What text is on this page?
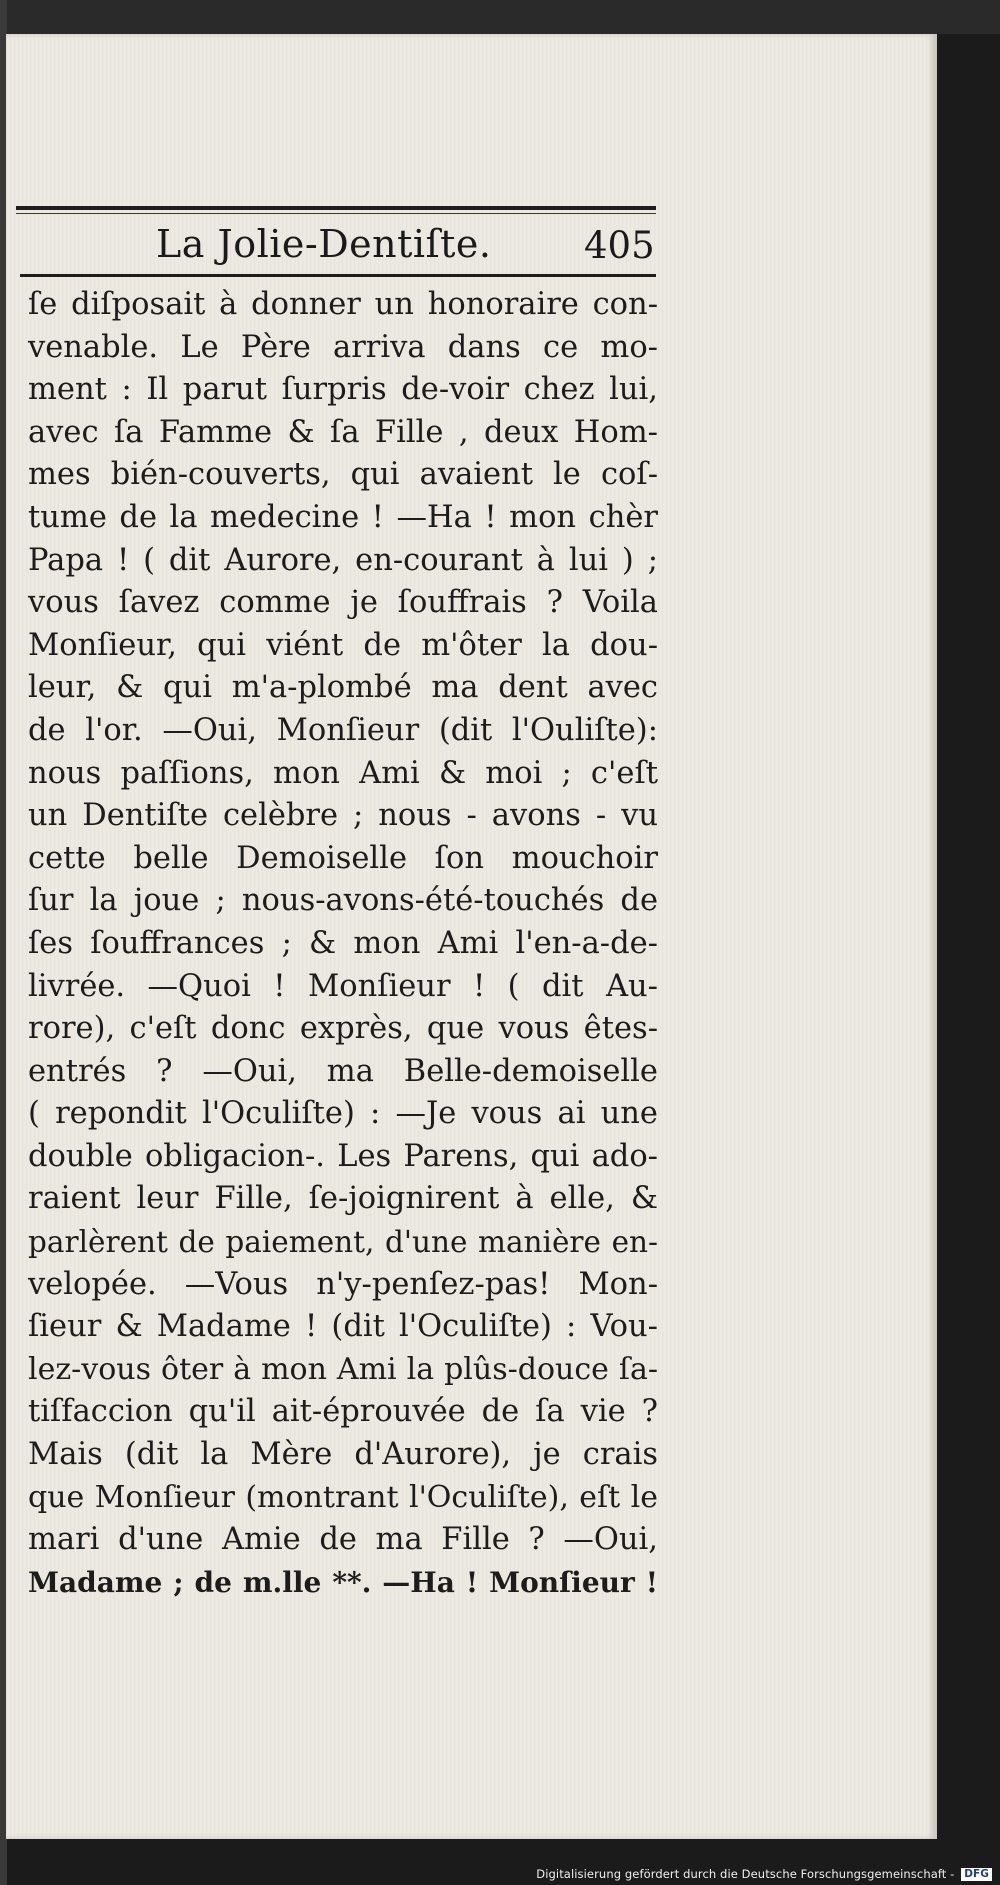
La Jolie-Dentiſte.	405
ſe diſposait à donner un honoraire con-
venable. Le Père arriva dans ce mo-
ment : Il parut ſurpris de-voir chez lui,
avec ſa Famme & ſa Fille , deux Hom-
mes bién-couverts, qui avaient le coſ-
tume de la medecine ! —Ha ! mon chèr
Papa ! ( dit Aurore, en-courant à lui ) ;
vous ſavez comme je ſouffrais ? Voila
Monſieur, qui viént de m'ôter la dou-
leur, & qui m'a-plombé ma dent avec
de l'or. —Oui, Monſieur (dit l'Ouliſte):
nous paſſions, mon Ami & moi ; c'eſt
un Dentiſte celèbre ; nous - avons - vu
cette belle Demoiselle ſon mouchoir
ſur la joue ; nous-avons-été-touchés de
ſes ſouffrances ; & mon Ami l'en-a-de-
livrée. —Quoi ! Monſieur ! ( dit Au-
rore), c'eſt donc exprès, que vous êtes-
entrés ? —Oui, ma Belle-demoiselle
( repondit l'Oculiſte) : —Je vous ai une
double obligacion-. Les Parens, qui ado-
raient leur Fille, ſe-joignirent à elle, &
parlèrent de paiement, d'une manière en-
velopée. —Vous n'y-penſez-pas! Mon-
ſieur & Madame ! (dit l'Oculiſte) : Vou-
lez-vous ôter à mon Ami la plûs-douce ſa-
tiſfaccion qu'il ait-éprouvée de ſa vie ?
Mais (dit la Mère d'Aurore), je crais
que Monſieur (montrant l'Oculiſte), eſt le
mari d'une Amie de ma Fille ? —Oui,
Madame ; de m.lle **. —Ha ! Monſieur !
Digitalisierung gefördert durch die Deutsche Forschungsgemeinschaft - DFG
